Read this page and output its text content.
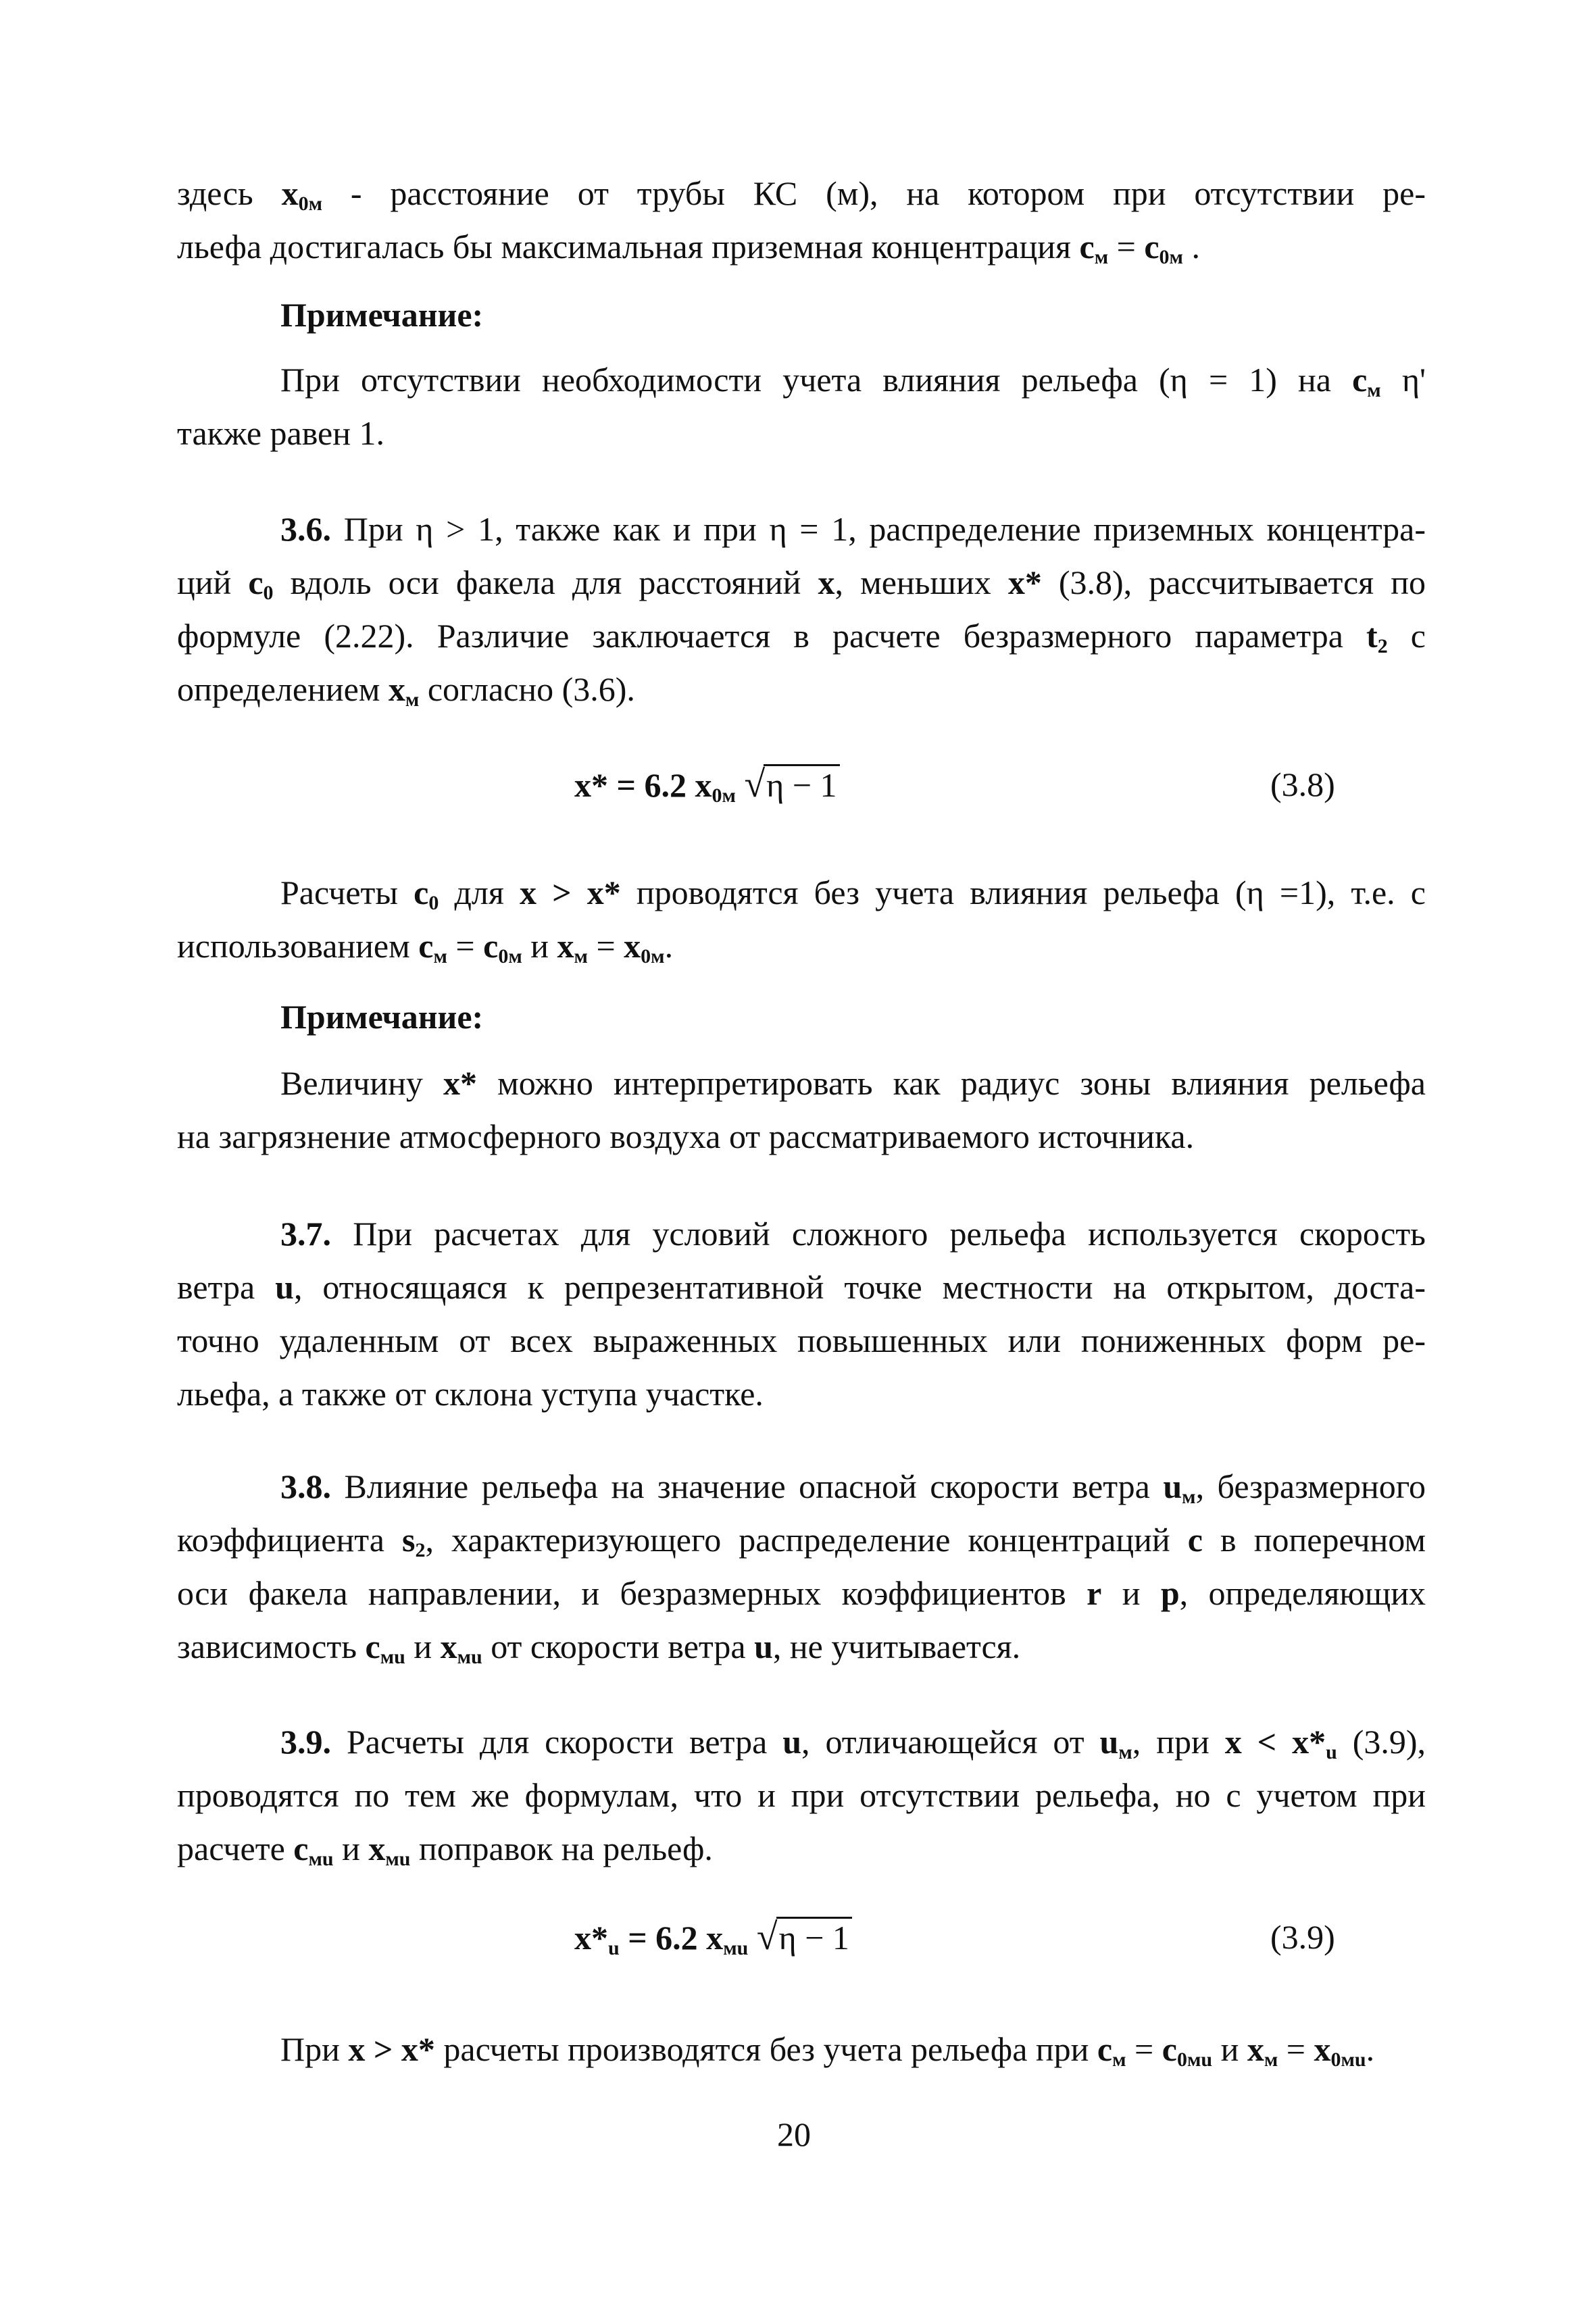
здесь $x_{0м}$ - расстояние от трубы КС (м), на котором при отсутствии ре-
льефа достигалась бы максимальная приземная концентрация $c_м = c_{0м}$ .
Примечание:
При отсутствии необходимости учета влияния рельефа (η = 1) на $c_м$ η'
также равен 1.
3.6. При η > 1, также как и при η = 1, распределение приземных концентра-
ций $c_0$ вдоль оси факела для расстояний x, меньших x* (3.8), рассчитывается по
формуле (2.22). Различие заключается в расчете безразмерного параметра $t_2$ с
определением $x_м$ согласно (3.6).
x* = 6.2 $x_{0м}$ √η − 1	(3.8)
Расчеты $c_0$ для x > x* проводятся без учета влияния рельефа (η =1), т.е. с
использованием $c_м = c_{0м}$ и $x_м = x_{0м}$.
Примечание:
Величину x* можно интерпретировать как радиус зоны влияния рельефа
на загрязнение атмосферного воздуха от рассматриваемого источника.
3.7. При расчетах для условий сложного рельефа используется скорость
ветра u, относящаяся к репрезентативной точке местности на открытом, доста-
точно удаленным от всех выраженных повышенных или пониженных форм ре-
льефа, а также от склона уступа участке.
3.8. Влияние рельефа на значение опасной скорости ветра $u_м$, безразмерного
коэффициента $s_2$, характеризующего распределение концентраций c в поперечном
оси факела направлении, и безразмерных коэффициентов r и p, определяющих
зависимость $c_{мu}$ и $x_{мu}$ от скорости ветра u, не учитывается.
3.9. Расчеты для скорости ветра u, отличающейся от $u_м$, при $x < x*_u$ (3.9),
проводятся по тем же формулам, что и при отсутствии рельефа, но с учетом при
расчете $c_{мu}$ и $x_{мu}$ поправок на рельеф.
$x*_u = 6.2$ $x_{мu}$ √η − 1	(3.9)
При x > x* расчеты производятся без учета рельефа при $c_м = c_{0мu}$ и $x_м = x_{0мu}$.
20
